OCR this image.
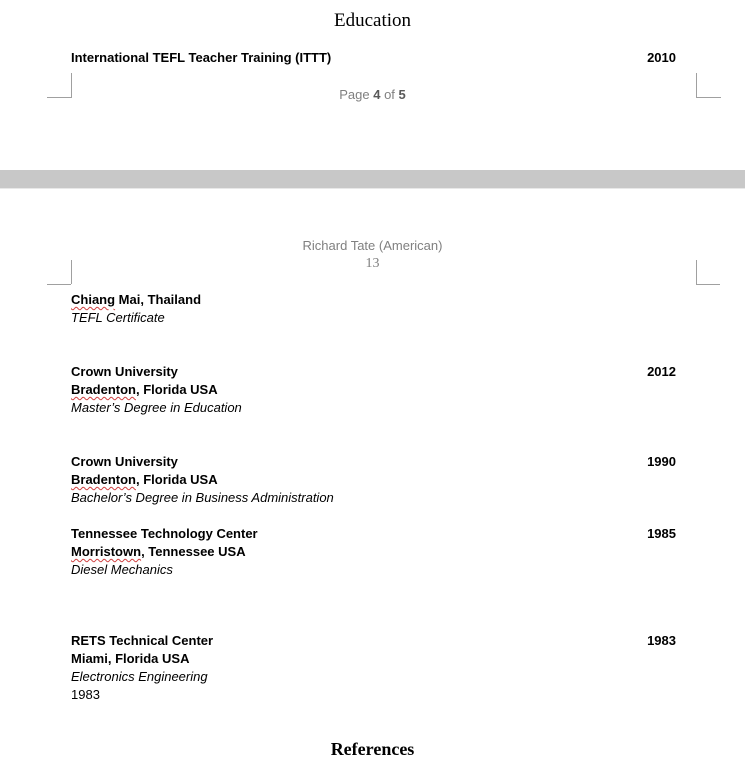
Education
International TEFL Teacher Training (ITTT)	2010
Page 4 of 5
Richard Tate (American)
13
Chiang Mai, Thailand
TEFL Certificate
Crown University	2012
Bradenton, Florida USA
Master’s Degree in Education
Crown University	1990
Bradenton, Florida USA
Bachelor’s Degree in Business Administration
Tennessee Technology Center	1985
Morristown, Tennessee USA
Diesel Mechanics
RETS Technical Center	1983
Miami, Florida USA
Electronics Engineering
1983
References
